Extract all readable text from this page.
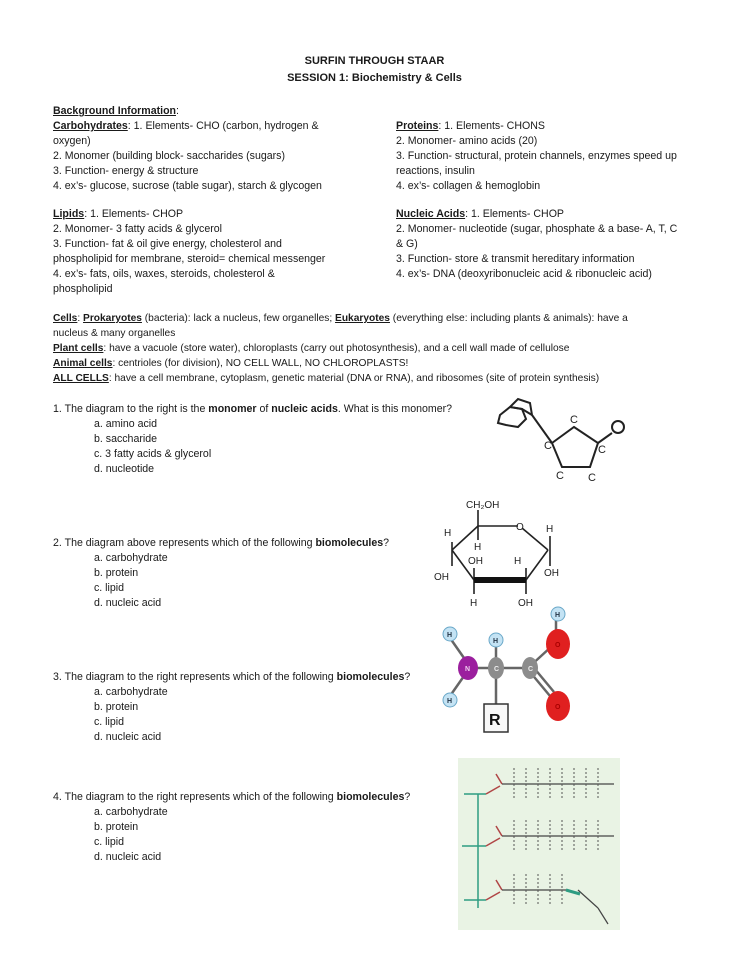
SURFIN THROUGH STAAR
SESSION 1: Biochemistry & Cells
Background Information:
Carbohydrates: 1. Elements- CHO (carbon, hydrogen &
oxygen)
2. Monomer (building block- saccharides (sugars)
3. Function- energy & structure
4. ex’s- glucose, sucrose (table sugar), starch & glycogen
Proteins: 1. Elements- CHONS
2. Monomer- amino acids (20)
3. Function- structural, protein channels, enzymes speed up
reactions, insulin
4. ex’s- collagen & hemoglobin
Lipids: 1. Elements- CHOP
2. Monomer- 3 fatty acids & glycerol
3. Function- fat & oil give energy, cholesterol and
phospholipid for membrane, steroid= chemical messenger
4. ex’s- fats, oils, waxes, steroids, cholesterol &
phospholipid
Nucleic Acids: 1. Elements- CHOP
2. Monomer- nucleotide (sugar, phosphate & a base- A, T, C
& G)
3. Function- store & transmit hereditary information
4. ex’s- DNA (deoxyribonucleic acid & ribonucleic acid)
Cells: Prokaryotes (bacteria): lack a nucleus, few organelles; Eukaryotes (everything else: including plants & animals): have a
nucleus & many organelles
Plant cells: have a vacuole (store water), chloroplasts (carry out photosynthesis), and a cell wall made of cellulose
Animal cells: centrioles (for division), NO CELL WALL, NO CHLOROPLASTS!
ALL CELLS: have a cell membrane, cytoplasm, genetic material (DNA or RNA), and ribosomes (site of protein synthesis)
1. The diagram to the right is the monomer of nucleic acids. What is this monomer?
a. amino acid
b. saccharide
c. 3 fatty acids & glycerol
d. nucleotide
C
C	C
C C
CH₂OH
H
O H
H
OH	H
OH
OH
H	OH
2. The diagram above represents which of the following biomolecules?
a. carbohydrate
b. protein
c. lipid
d. nucleic acid
H
H
N
H
C	C
O
H
O
R
3. The diagram to the right represents which of the following biomolecules?
a. carbohydrate
b. protein
c. lipid
d. nucleic acid
4. The diagram to the right represents which of the following biomolecules?
a. carbohydrate
b. protein
c. lipid
d. nucleic acid
